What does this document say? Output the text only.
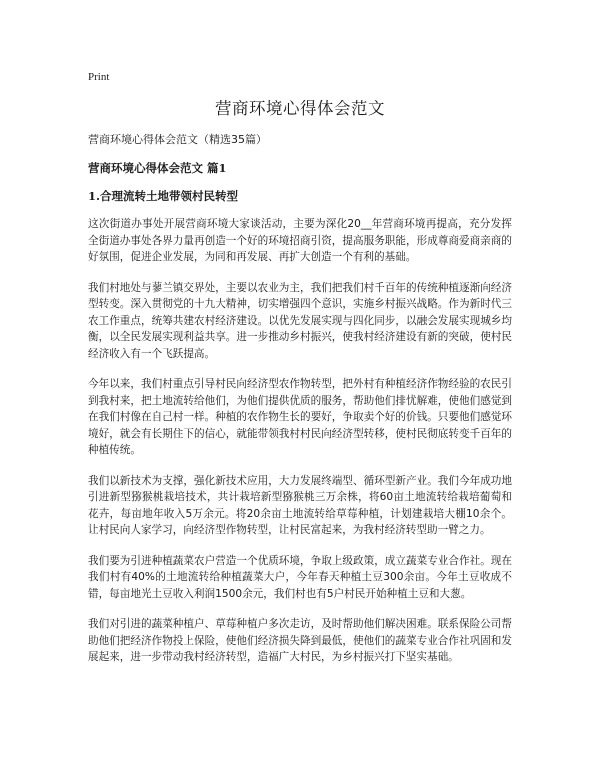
Print
营商环境心得体会范文
营商环境心得体会范文（精选35篇）
营商环境心得体会范文 篇1
1.合理流转土地带领村民转型

这次街道办事处开展营商环境大家谈活动，主要为深化20__年营商环境再提高，充分发挥全街道办事处各界力量再创造一个好的环境招商引资，提高服务职能，形成尊商爱商亲商的好氛围，促进企业发展，为同和再发展、再扩大创造一个有利的基础。

我们村地处与蓼兰镇交界处，主要以农业为主，我们把我们村千百年的传统种植逐渐向经济型转变。深入贯彻党的十九大精神，切实增强四个意识，实施乡村振兴战略。作为新时代三农工作重点，统筹共建农村经济建设。以优先发展实现与四化同步，以融会发展实现城乡均衡，以全民发展实现利益共享。进一步推动乡村振兴，使我村经济建设有新的突破，使村民经济收入有一个飞跃提高。

今年以来，我们村重点引导村民向经济型农作物转型，把外村有种植经济作物经验的农民引到我村来，把土地流转给他们，为他们提供优质的服务，帮助他们排忧解难，使他们感觉到在我们村像在自己村一样。种植的农作物生长的要好，争取卖个好的价钱。只要他们感觉环境好，就会有长期住下的信心，就能带领我村村民向经济型转移，使村民彻底转变千百年的种植传统。

我们以新技术为支撑，强化新技术应用，大力发展终端型、循环型新产业。我们今年成功地引进新型猕猴桃栽培技术，共计栽培新型猕猴桃三万余株，将60亩土地流转给栽培葡萄和花卉，每亩地年收入5万余元。将20余亩土地流转给草莓种植，计划建栽培大棚10余个。让村民向人家学习，向经济型作物转型，让村民富起来，为我村经济转型助一臂之力。

我们要为引进种植蔬菜农户营造一个优质环境，争取上级政策，成立蔬菜专业合作社。现在我们村有40%的土地流转给种植蔬菜大户，今年春天种植土豆300余亩。今年土豆收成不错，每亩地光土豆收入利润1500余元，我们村也有5户村民开始种植土豆和大葱。

我们对引进的蔬菜种植户、草莓种植户多次走访，及时帮助他们解决困难。联系保险公司帮助他们把经济作物投上保险，使他们经济损失降到最低，使他们的蔬菜专业合作社巩固和发展起来，进一步带动我村经济转型，造福广大村民，为乡村振兴打下坚实基础。
